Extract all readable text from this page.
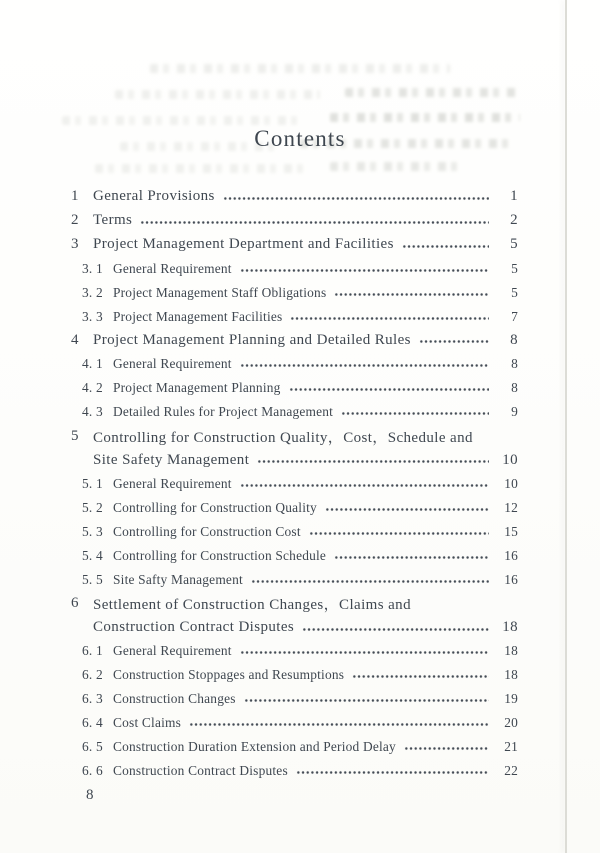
Contents
1 General Provisions	1
2 Terms	2
3 Project Management Department and Facilities	5
3. 1 General Requirement	5
3. 2 Project Management Staff Obligations	5
3. 3 Project Management Facilities	7
4 Project Management Planning and Detailed Rules	8
4. 1 General Requirement	8
4. 2 Project Management Planning	8
4. 3 Detailed Rules for Project Management	9
5 Controlling for Construction Quality，Cost，Schedule and
Site Safety Management	10
5. 1 General Requirement	10
5. 2 Controlling for Construction Quality	12
5. 3 Controlling for Construction Cost	15
5. 4 Controlling for Construction Schedule	16
5. 5 Site Safty Management	16
6 Settlement of Construction Changes，Claims and
Construction Contract Disputes	18
6. 1 General Requirement	18
6. 2 Construction Stoppages and Resumptions	18
6. 3 Construction Changes	19
6. 4 Cost Claims	20
6. 5 Construction Duration Extension and Period Delay	21
6. 6 Construction Contract Disputes	22
8
